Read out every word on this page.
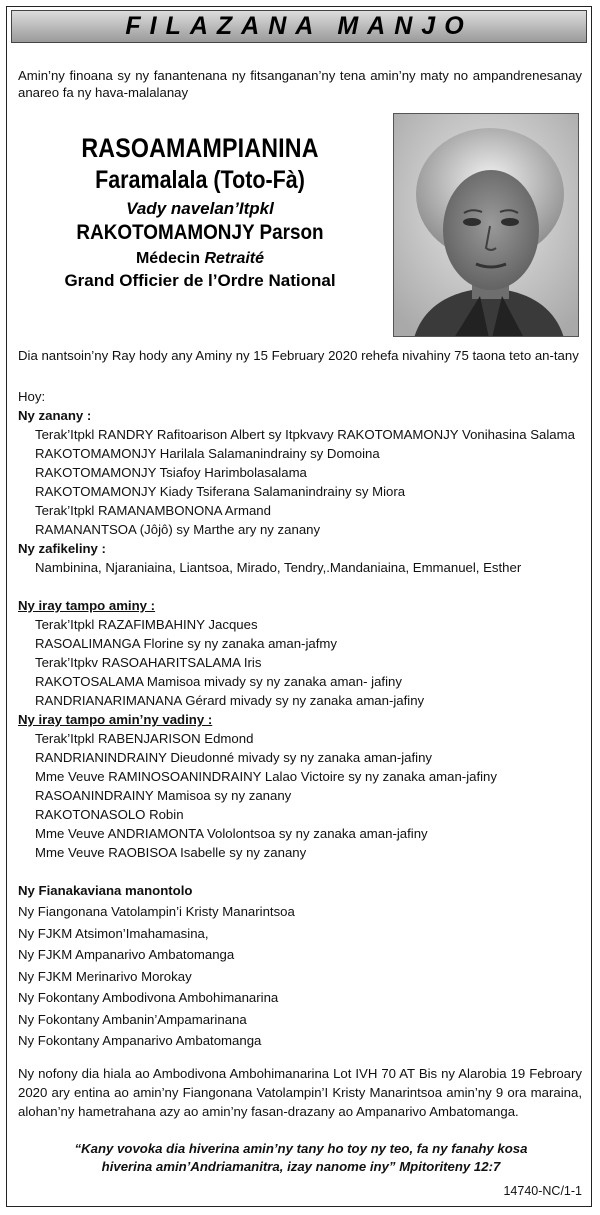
FILAZANA MANJO
Amin’ny finoana sy ny fanantenana ny fitsanganan’ny tena amin’ny maty no ampandrenesanay anareo fa ny hava-malalanay
RASOAMAMPIANINA
Faramalala (Toto-Fà)
Vady navelan’Itpkl
RAKOTOMAMONJY Parson
Médecin Retraité
Grand Officier de l’Ordre National
Dia nantsoin’ny Ray hody any Aminy ny 15 February 2020 rehefa nivahiny 75 taona teto an-tany
Hoy:
Ny zanany :
Terak’Itpkl RANDRY Rafitoarison Albert sy Itpkvavy RAKOTOMAMONJY Vonihasina Salama
RAKOTOMAMONJY Harilala Salamanindrainy sy Domoina
RAKOTOMAMONJY Tsiafoy Harimbolasalama
RAKOTOMAMONJY Kiady Tsiferana Salamanindrainy sy Miora
Terak’Itpkl RAMANAMBONONA Armand
RAMANANTSOA (Jôjô) sy Marthe ary ny zanany
Ny zafikeliny :
Nambinina, Njaraniaina, Liantsoa, Mirado, Tendry,.Mandaniaina, Emmanuel, Esther
Ny iray tampo aminy :
Terak’Itpkl RAZAFIMBAHINY Jacques
RASOALIMANGA Florine sy ny zanaka aman-jafmy
Terak’Itpkv RASOAHARITSALAMA Iris
RAKOTOSALAMA Mamisoa mivady sy ny zanaka aman- jafiny
RANDRIANARIMANANA Gérard mivady sy ny zanaka aman-jafiny
Ny iray tampo amin’ny vadiny :
Terak’Itpkl RABENJARISON Edmond
RANDRIANINDRAINY Dieudonné mivady sy ny zanaka aman-jafiny
Mme Veuve RAMINOSOANINDRAINY Lalao Victoire sy ny zanaka aman-jafiny
RASOANINDRAINY Mamisoa sy ny zanany
RAKOTONASOLO Robin
Mme Veuve ANDRIAMONTA Vololontsoa sy ny zanaka aman-jafiny
Mme Veuve RAOBISOA Isabelle sy ny zanany
Ny Fianakaviana manontolo
Ny Fiangonana Vatolampin’i Kristy Manarintsoa
Ny FJKM Atsimon’Imahamasina,
Ny FJKM Ampanarivo Ambatomanga
Ny FJKM Merinarivo Morokay
Ny Fokontany Ambodivona Ambohimanarina
Ny Fokontany Ambanin’Ampamarinana
Ny Fokontany Ampanarivo Ambatomanga
Ny nofony dia hiala ao Ambodivona Ambohimanarina Lot IVH 70 AT Bis ny Alarobia 19 Febroary 2020 ary entina ao amin’ny Fiangonana Vatolampin’I Kristy Manarintsoa amin’ny 9 ora maraina, alohan’ny hametrahana azy ao amin’ny fasan-drazany ao Ampanarivo Ambatomanga.
“Kany vovoka dia hiverina amin’ny tany ho toy ny teo, fa ny fanahy kosa
hiverina amin’Andriamanitra, izay nanome iny” Mpitoriteny 12:7
14740-NC/1-1
